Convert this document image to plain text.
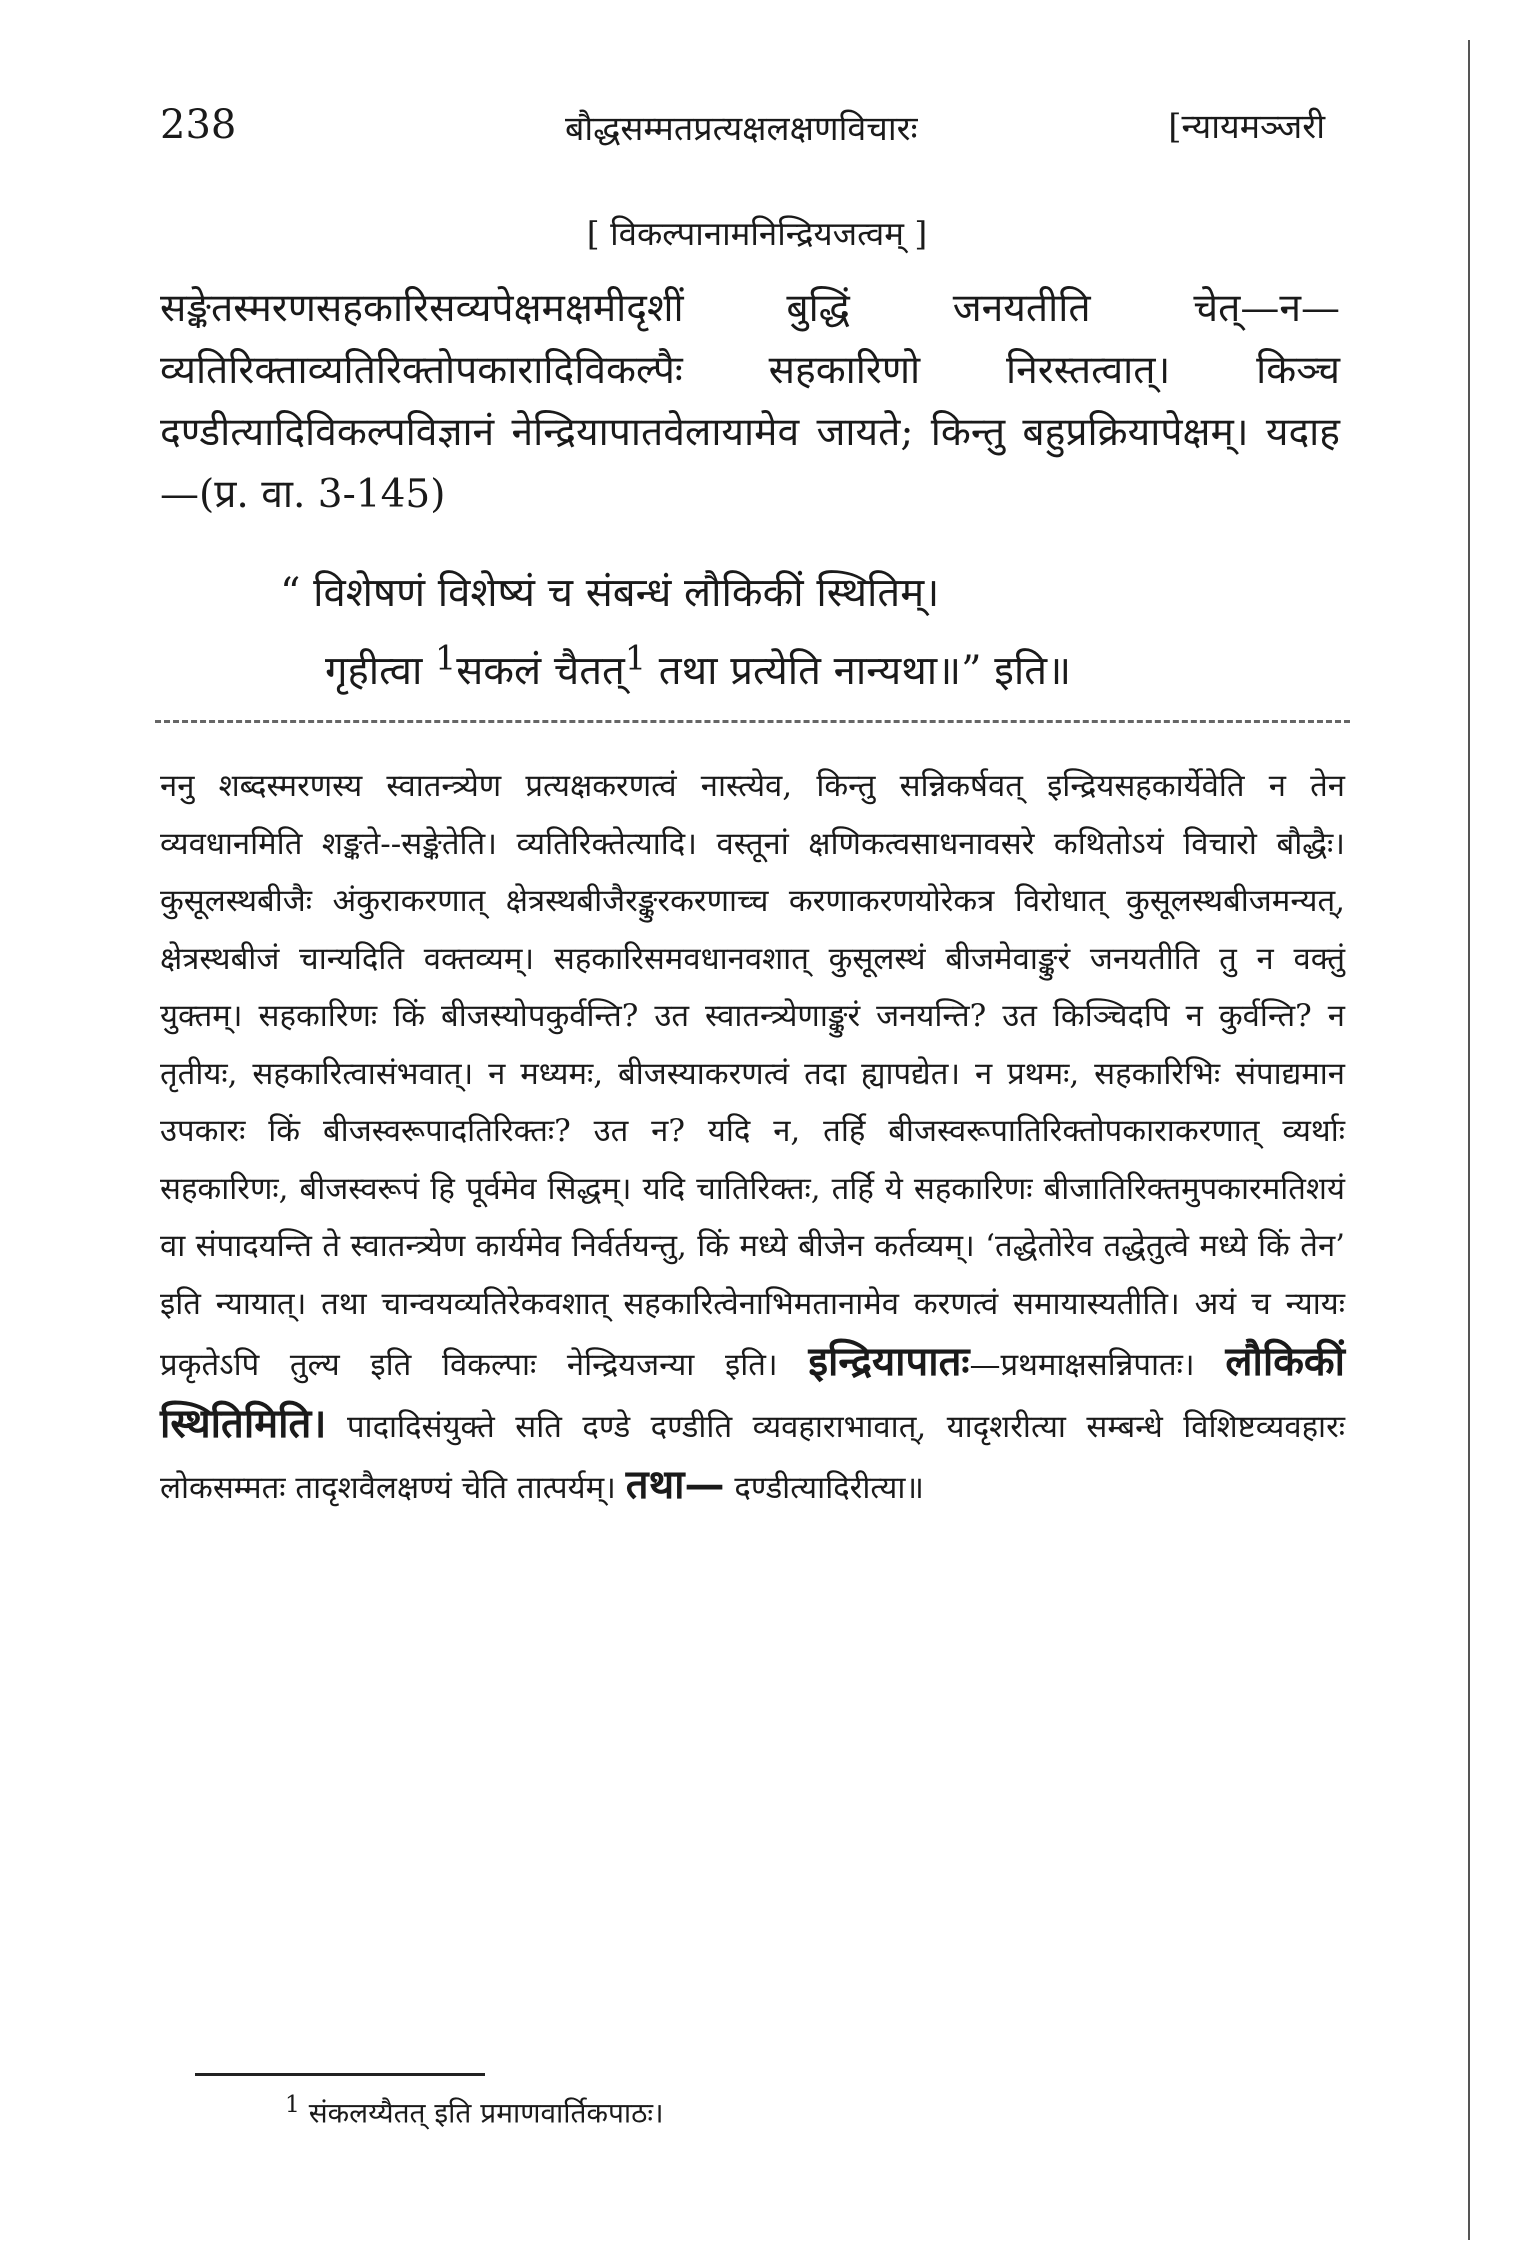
238	बौद्धसम्मतप्रत्यक्षलक्षणविचारः	[न्यायमञ्जरी
[ विकल्पानामनिन्द्रियजत्वम् ]

सङ्केतस्मरणसहकारिसव्यपेक्षमक्षमीदृशीं बुद्धिं जनयतीति चेत्—न—व्यतिरिक्ताव्यतिरिक्तोपकारादिविकल्पैः सहकारिणो निरस्तत्वात्। किञ्च दण्डीत्यादिविकल्पविज्ञानं नेन्द्रियापातवेलायामेव जायते; किन्तु बहुप्रक्रियापेक्षम्। यदाह—(प्र. वा. 3-145)

“ विशेषणं विशेष्यं च संबन्धं लौकिकीं स्थितिम्।
गृहीत्वा $^1$सकलं चैतत्$^1$ तथा प्रत्येति नान्यथा॥” इति॥

ननु शब्दस्मरणस्य स्वातन्त्र्येण प्रत्यक्षकरणत्वं नास्त्येव, किन्तु सन्निकर्षवत् इन्द्रियसहकार्येवेति न तेन व्यवधानमिति शङ्कते--सङ्केतेति। व्यतिरिक्तेत्यादि। वस्तूनां क्षणिकत्वसाधनावसरे कथितोऽयं विचारो बौद्धैः। कुसूलस्थबीजैः अंकुराकरणात् क्षेत्रस्थबीजैरङ्कुरकरणाच्च करणाकरणयोरेकत्र विरोधात् कुसूलस्थबीजमन्यत्, क्षेत्रस्थबीजं चान्यदिति वक्तव्यम्। सहकारिसमवधानवशात् कुसूलस्थं बीजमेवाङ्कुरं जनयतीति तु न वक्तुं युक्तम्। सहकारिणः किं बीजस्योपकुर्वन्ति? उत स्वातन्त्र्येणाङ्कुरं जनयन्ति? उत किञ्चिदपि न कुर्वन्ति? न तृतीयः, सहकारित्वासंभवात्। न मध्यमः, बीजस्याकरणत्वं तदा ह्यापद्येत। न प्रथमः, सहकारिभिः संपाद्यमान उपकारः किं बीजस्वरूपादतिरिक्तः? उत न? यदि न, तर्हि बीजस्वरूपातिरिक्तोपकाराकरणात् व्यर्थाः सहकारिणः, बीजस्वरूपं हि पूर्वमेव सिद्धम्। यदि चातिरिक्तः, तर्हि ये सहकारिणः बीजातिरिक्तमुपकारमतिशयं वा संपादयन्ति ते स्वातन्त्र्येण कार्यमेव निर्वर्तयन्तु, किं मध्ये बीजेन कर्तव्यम्। ‘तद्धेतोरेव तद्धेतुत्वे मध्ये किं तेन’ इति न्यायात्। तथा चान्वयव्यतिरेकवशात् सहकारित्वेनाभिमतानामेव करणत्वं समायास्यतीति। अयं च न्यायः प्रकृतेऽपि तुल्य इति विकल्पाः नेन्द्रियजन्या इति। इन्द्रियापातः—प्रथमाक्षसन्निपातः। लौकिकीं स्थितिमिति। पादादिसंयुक्ते सति दण्डे दण्डीति व्यवहाराभावात्, यादृशरीत्या सम्बन्धे विशिष्टव्यवहारः लोकसम्मतः तादृशवैलक्षण्यं चेति तात्पर्यम्। तथा— दण्डीत्यादिरीत्या॥

$^1$ संकलय्यैतत् इति प्रमाणवार्तिकपाठः।
